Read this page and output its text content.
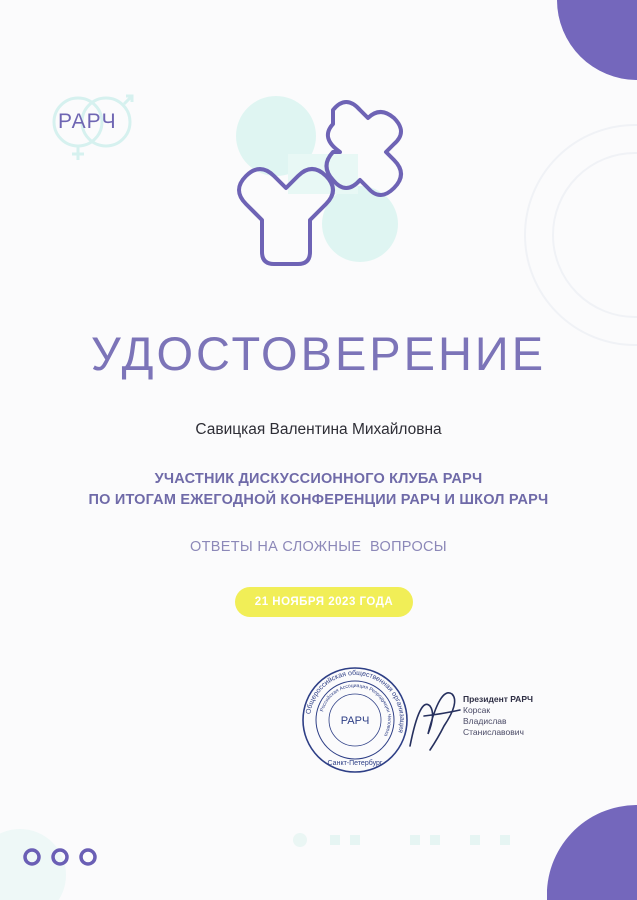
РАРЧ
УДОСТОВЕРЕНИЕ
Савицкая Валентина Михайловна
УЧАСТНИК ДИСКУССИОННОГО КЛУБА РАРЧ
ПО ИТОГАМ ЕЖЕГОДНОЙ КОНФЕРЕНЦИИ РАРЧ И ШКОЛ РАРЧ
ОТВЕТЫ НА СЛОЖНЫЕ  ВОПРОСЫ
21 НОЯБРЯ 2023 ГОДА
Общероссийская общественная организация
Российская Ассоциация Репродукции Человека
РАРЧ
Санкт-Петербург
Президент РАРЧ
Корсак
Владислав
Станиславович
